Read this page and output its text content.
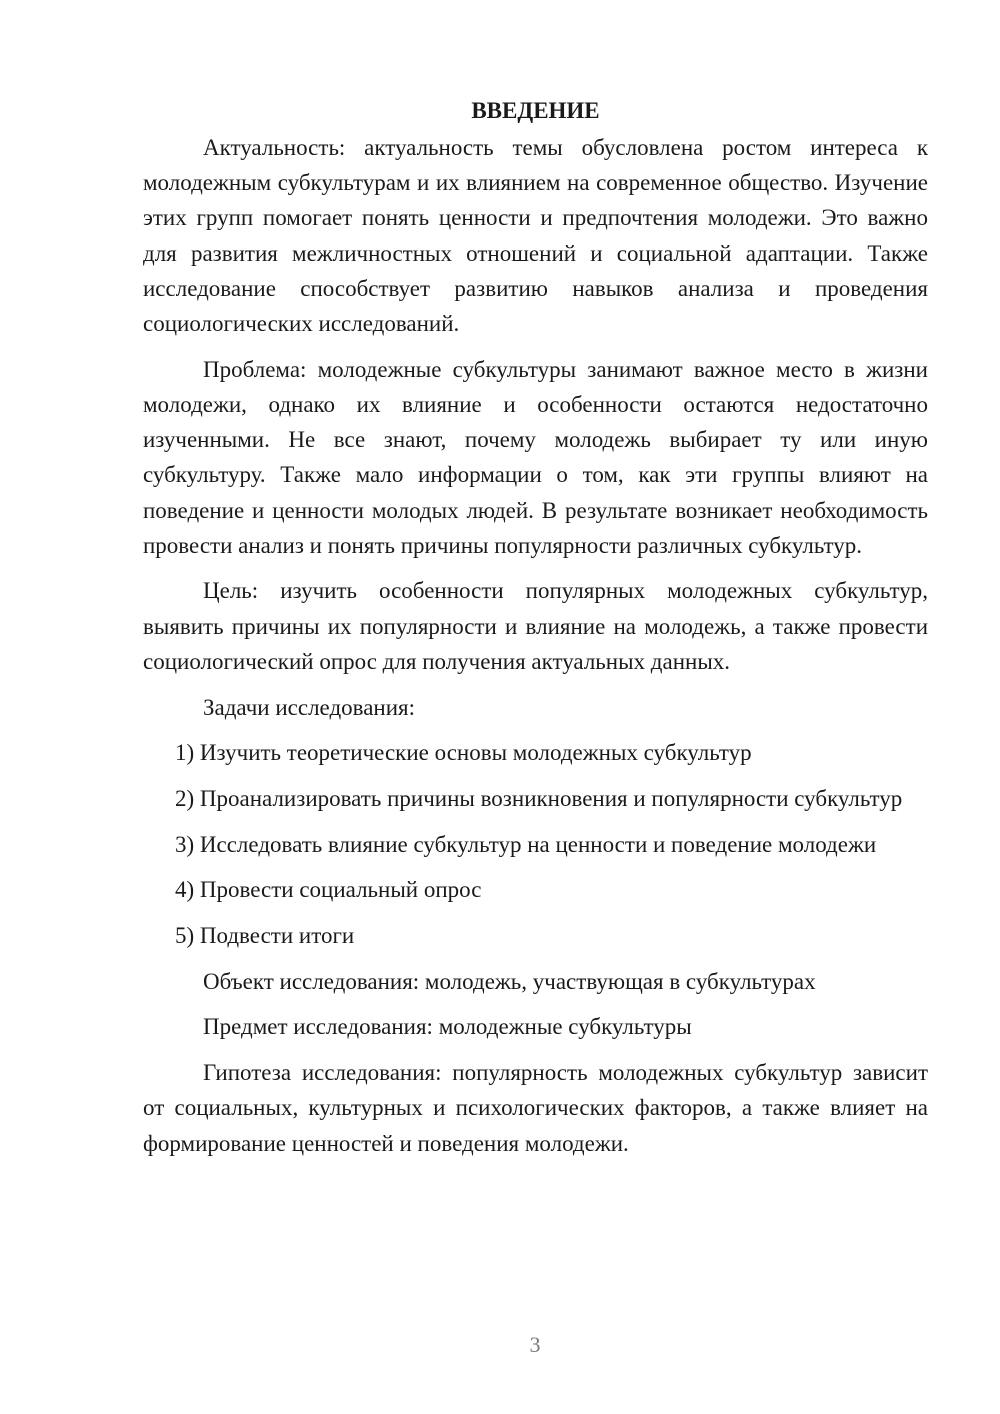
ВВЕДЕНИЕ

Актуальность: актуальность темы обусловлена ростом интереса к молодежным субкультурам и их влиянием на современное общество. Изучение этих групп помогает понять ценности и предпочтения молодежи. Это важно для развития межличностных отношений и социальной адаптации. Также исследование способствует развитию навыков анализа и проведения социологических исследований.

Проблема: молодежные субкультуры занимают важное место в жизни молодежи, однако их влияние и особенности остаются недостаточно изученными. Не все знают, почему молодежь выбирает ту или иную субкультуру. Также мало информации о том, как эти группы влияют на поведение и ценности молодых людей. В результате возникает необходимость провести анализ и понять причины популярности различных субкультур.

Цель: изучить особенности популярных молодежных субкультур, выявить причины их популярности и влияние на молодежь, а также провести социологический опрос для получения актуальных данных.

Задачи исследования:

1) Изучить теоретические основы молодежных субкультур

2) Проанализировать причины возникновения и популярности субкультур

3) Исследовать влияние субкультур на ценности и поведение молодежи

4) Провести социальный опрос

5) Подвести итоги

Объект исследования: молодежь, участвующая в субкультурах

Предмет исследования: молодежные субкультуры

Гипотеза исследования: популярность молодежных субкультур зависит от социальных, культурных и психологических факторов, а также влияет на формирование ценностей и поведения молодежи.

3
